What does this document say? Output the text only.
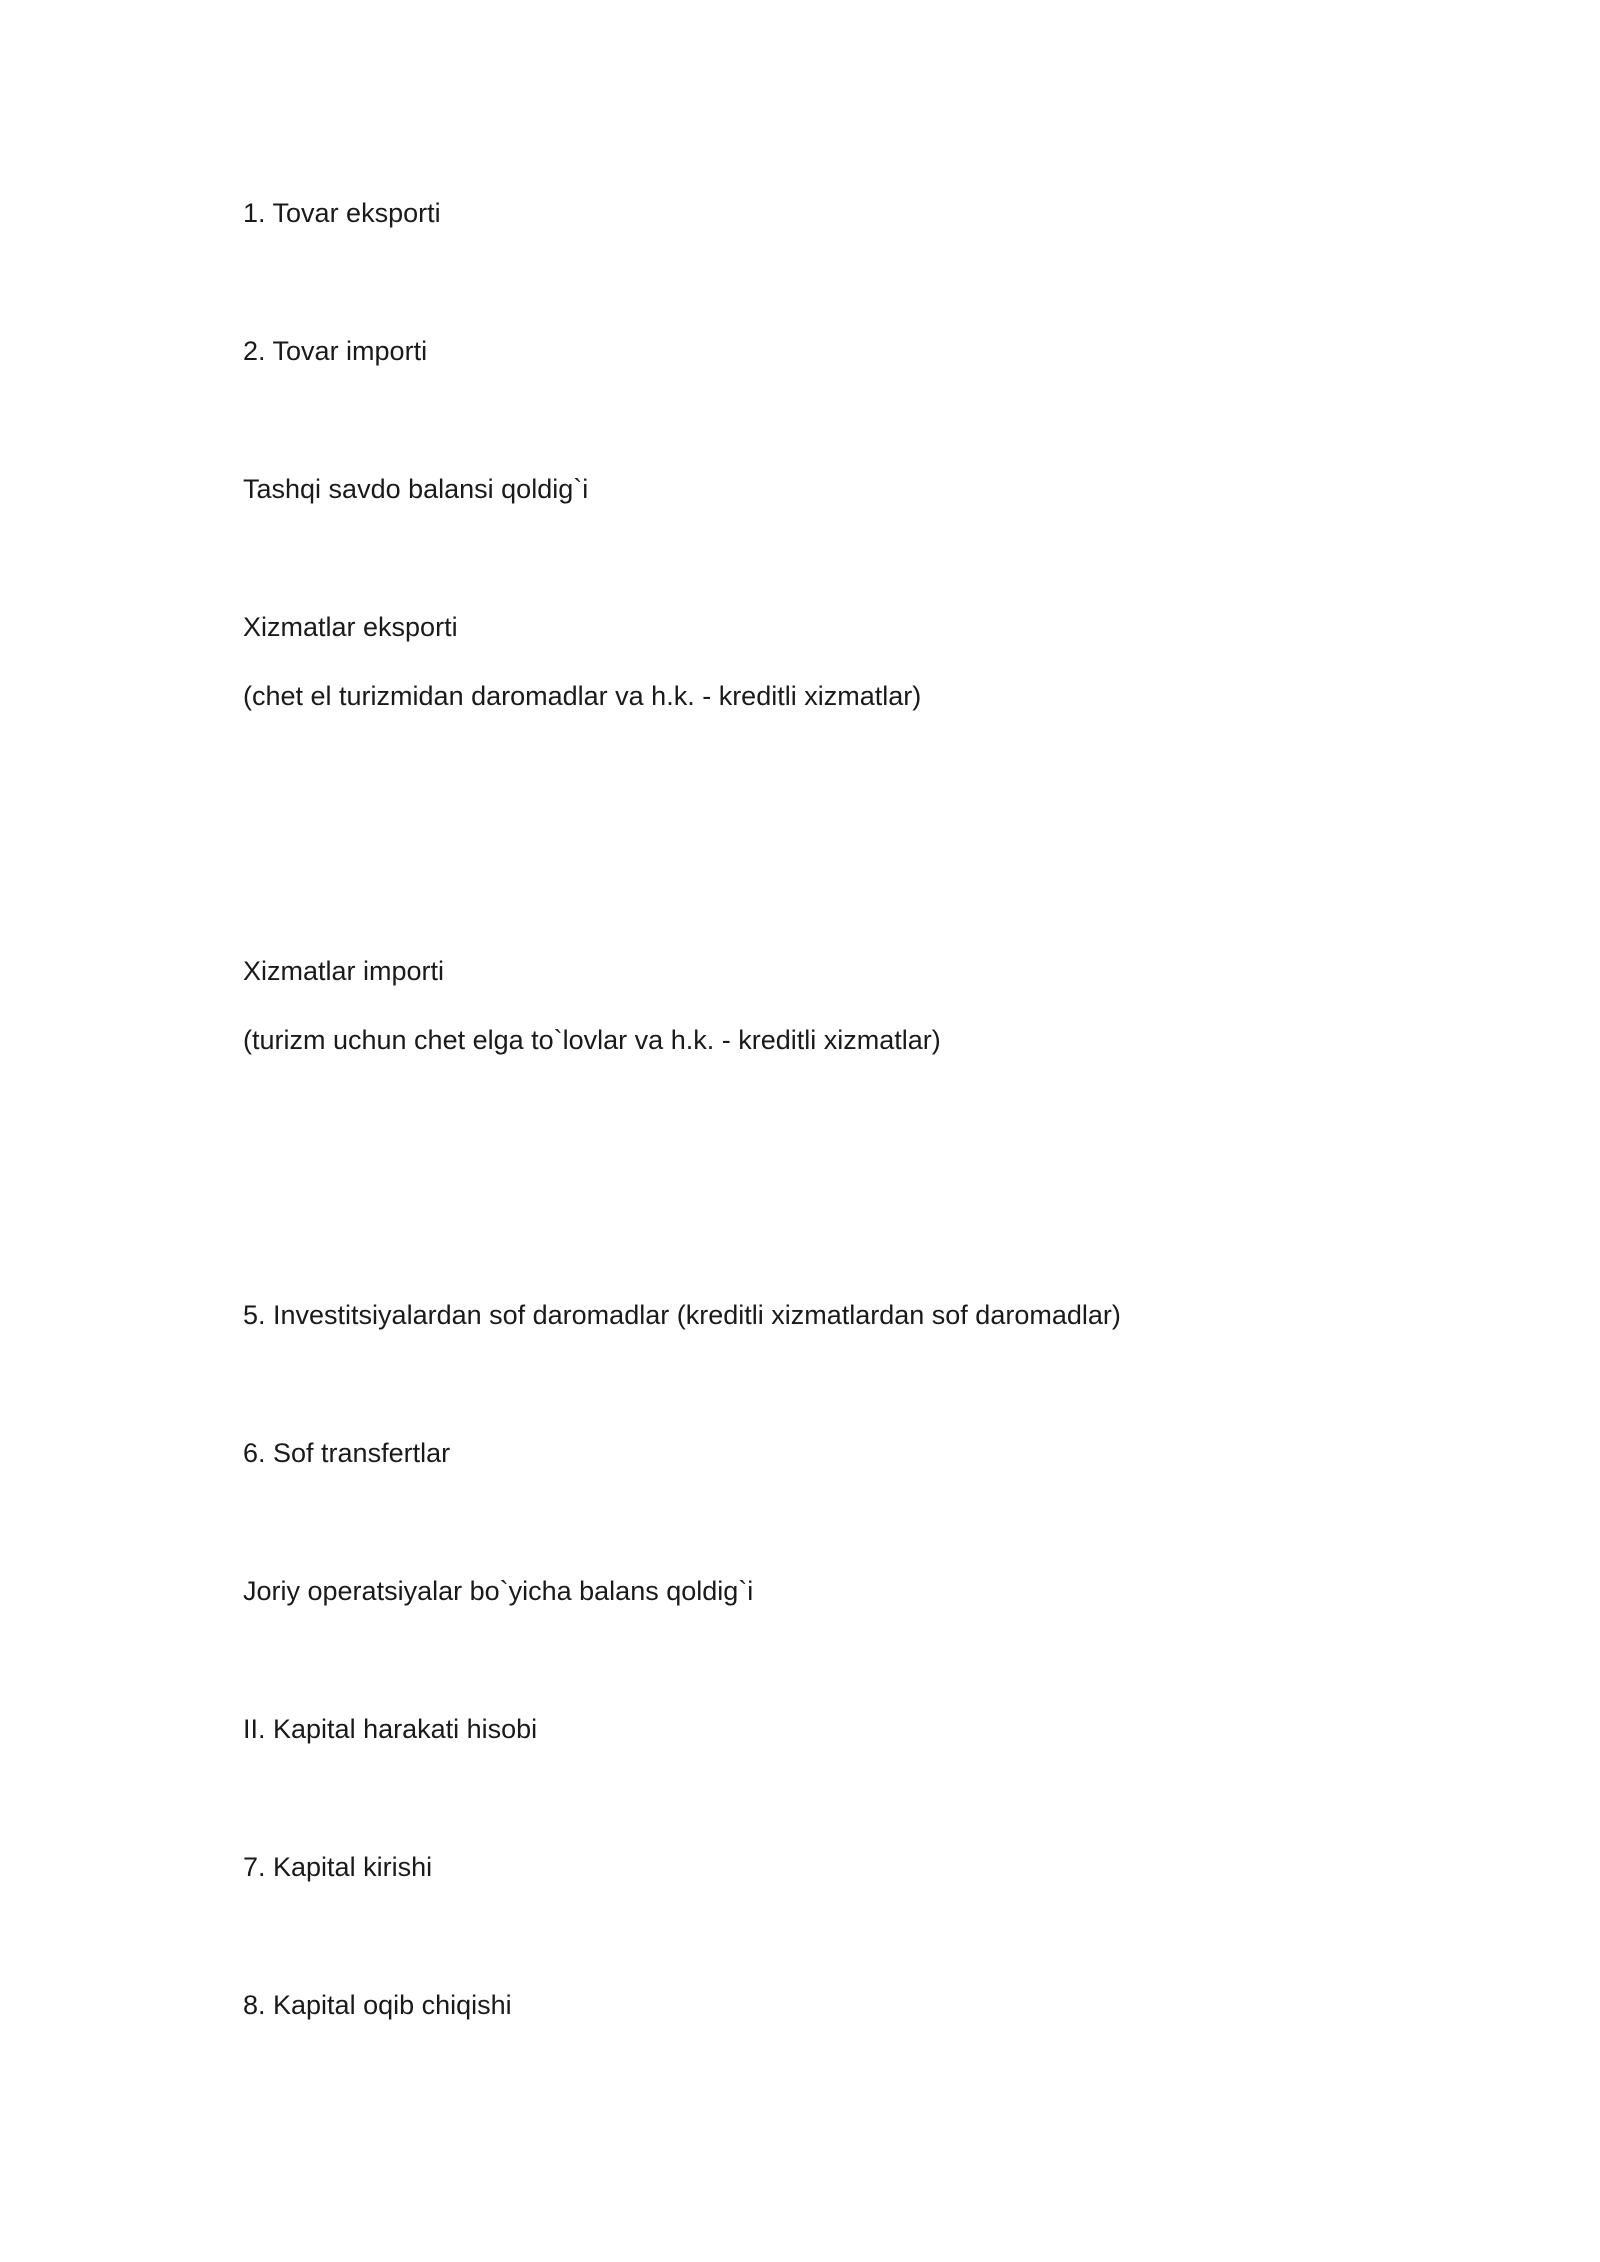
1. Tovar eksporti

2. Tovar importi

Tashqi savdo balansi qoldig`i

Xizmatlar eksporti

(chet el turizmidan daromadlar va h.k. - kreditli xizmatlar)

Xizmatlar importi

(turizm uchun chet elga to`lovlar va h.k. - kreditli xizmatlar)

5. Investitsiyalardan sof daromadlar (kreditli xizmatlardan sof daromadlar)

6. Sof transfertlar

Joriy operatsiyalar bo`yicha balans qoldig`i

II. Kapital harakati hisobi

7. Kapital kirishi

8. Kapital oqib chiqishi
